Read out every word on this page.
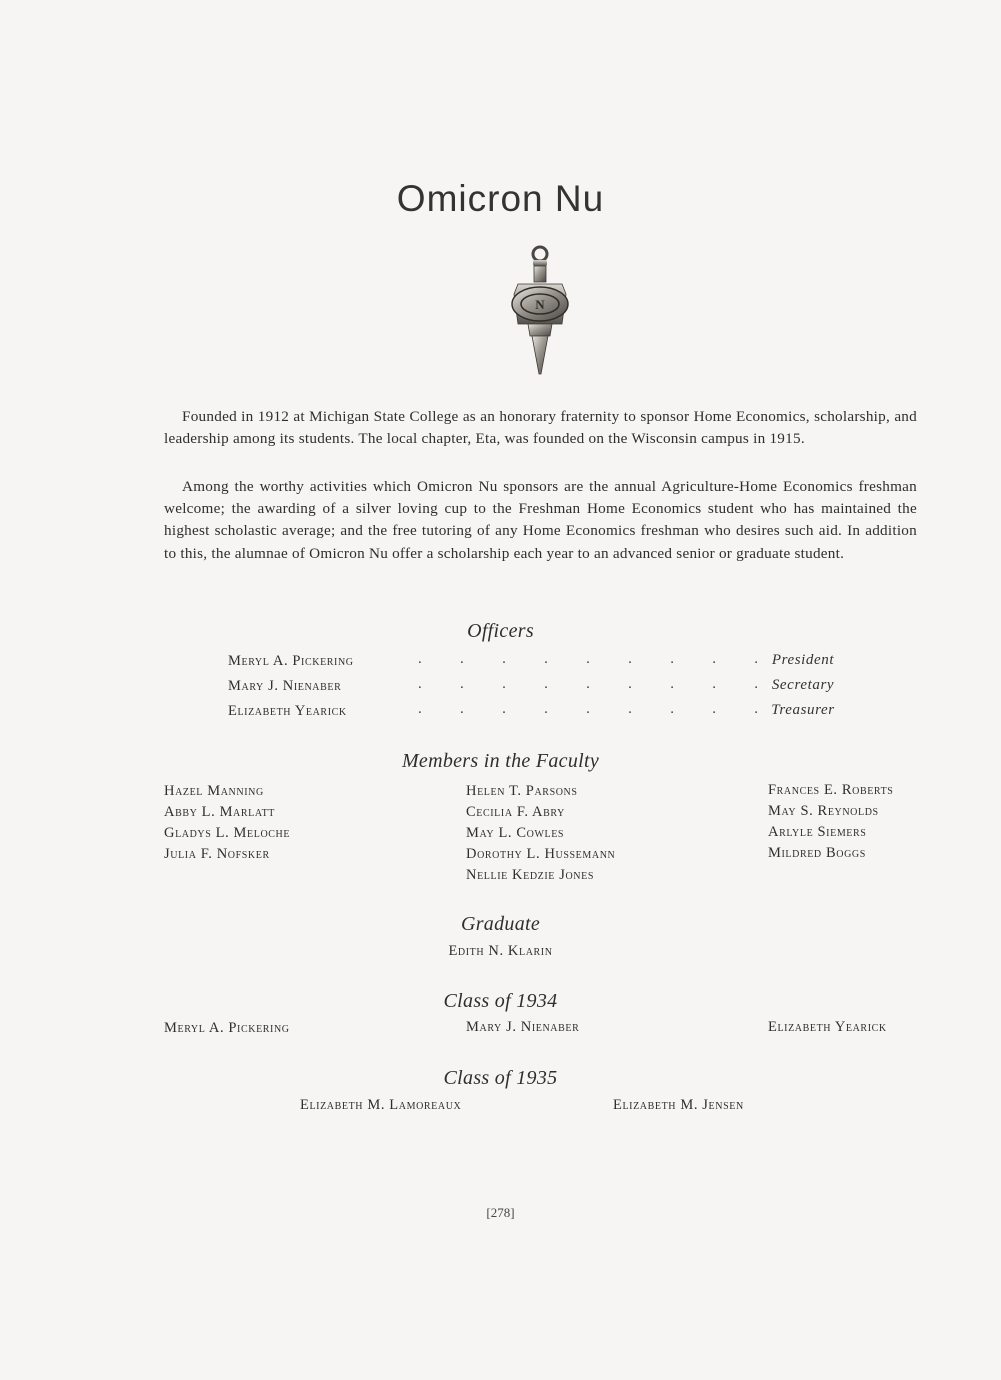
Omicron Nu
N
Founded in 1912 at Michigan State College as an honorary fraternity to sponsor Home Economics, scholarship, and leadership among its students. The local chapter, Eta, was founded on the Wisconsin campus in 1915.
Among the worthy activities which Omicron Nu sponsors are the annual Agriculture-Home Economics freshman welcome; the awarding of a silver loving cup to the Freshman Home Economics student who has maintained the highest scholastic average; and the free tutoring of any Home Economics freshman who desires such aid. In addition to this, the alumnae of Omicron Nu offer a scholarship each year to an advanced senior or graduate student.
Officers
Meryl A. Pickering	.	.	.	.	.	.	.	.	. President
Mary J. Nienaber	.	.	.	.	.	.	.	.	. Secretary
Elizabeth Yearick	.	.	.	.	.	.	.	.	. Treasurer
Members in the Faculty
Hazel Manning
Abby L. Marlatt
Gladys L. Meloche
Julia F. Nofsker
Helen T. Parsons
Cecilia F. Abry
May L. Cowles
Dorothy L. Hussemann
Nellie Kedzie Jones
Frances E. Roberts
May S. Reynolds
Arlyle Siemers
Mildred Boggs
Graduate
Edith N. Klarin
Class of 1934
Meryl A. Pickering	Mary J. Nienaber	Elizabeth Yearick
Class of 1935
Elizabeth M. Lamoreaux	Elizabeth M. Jensen
[278]
